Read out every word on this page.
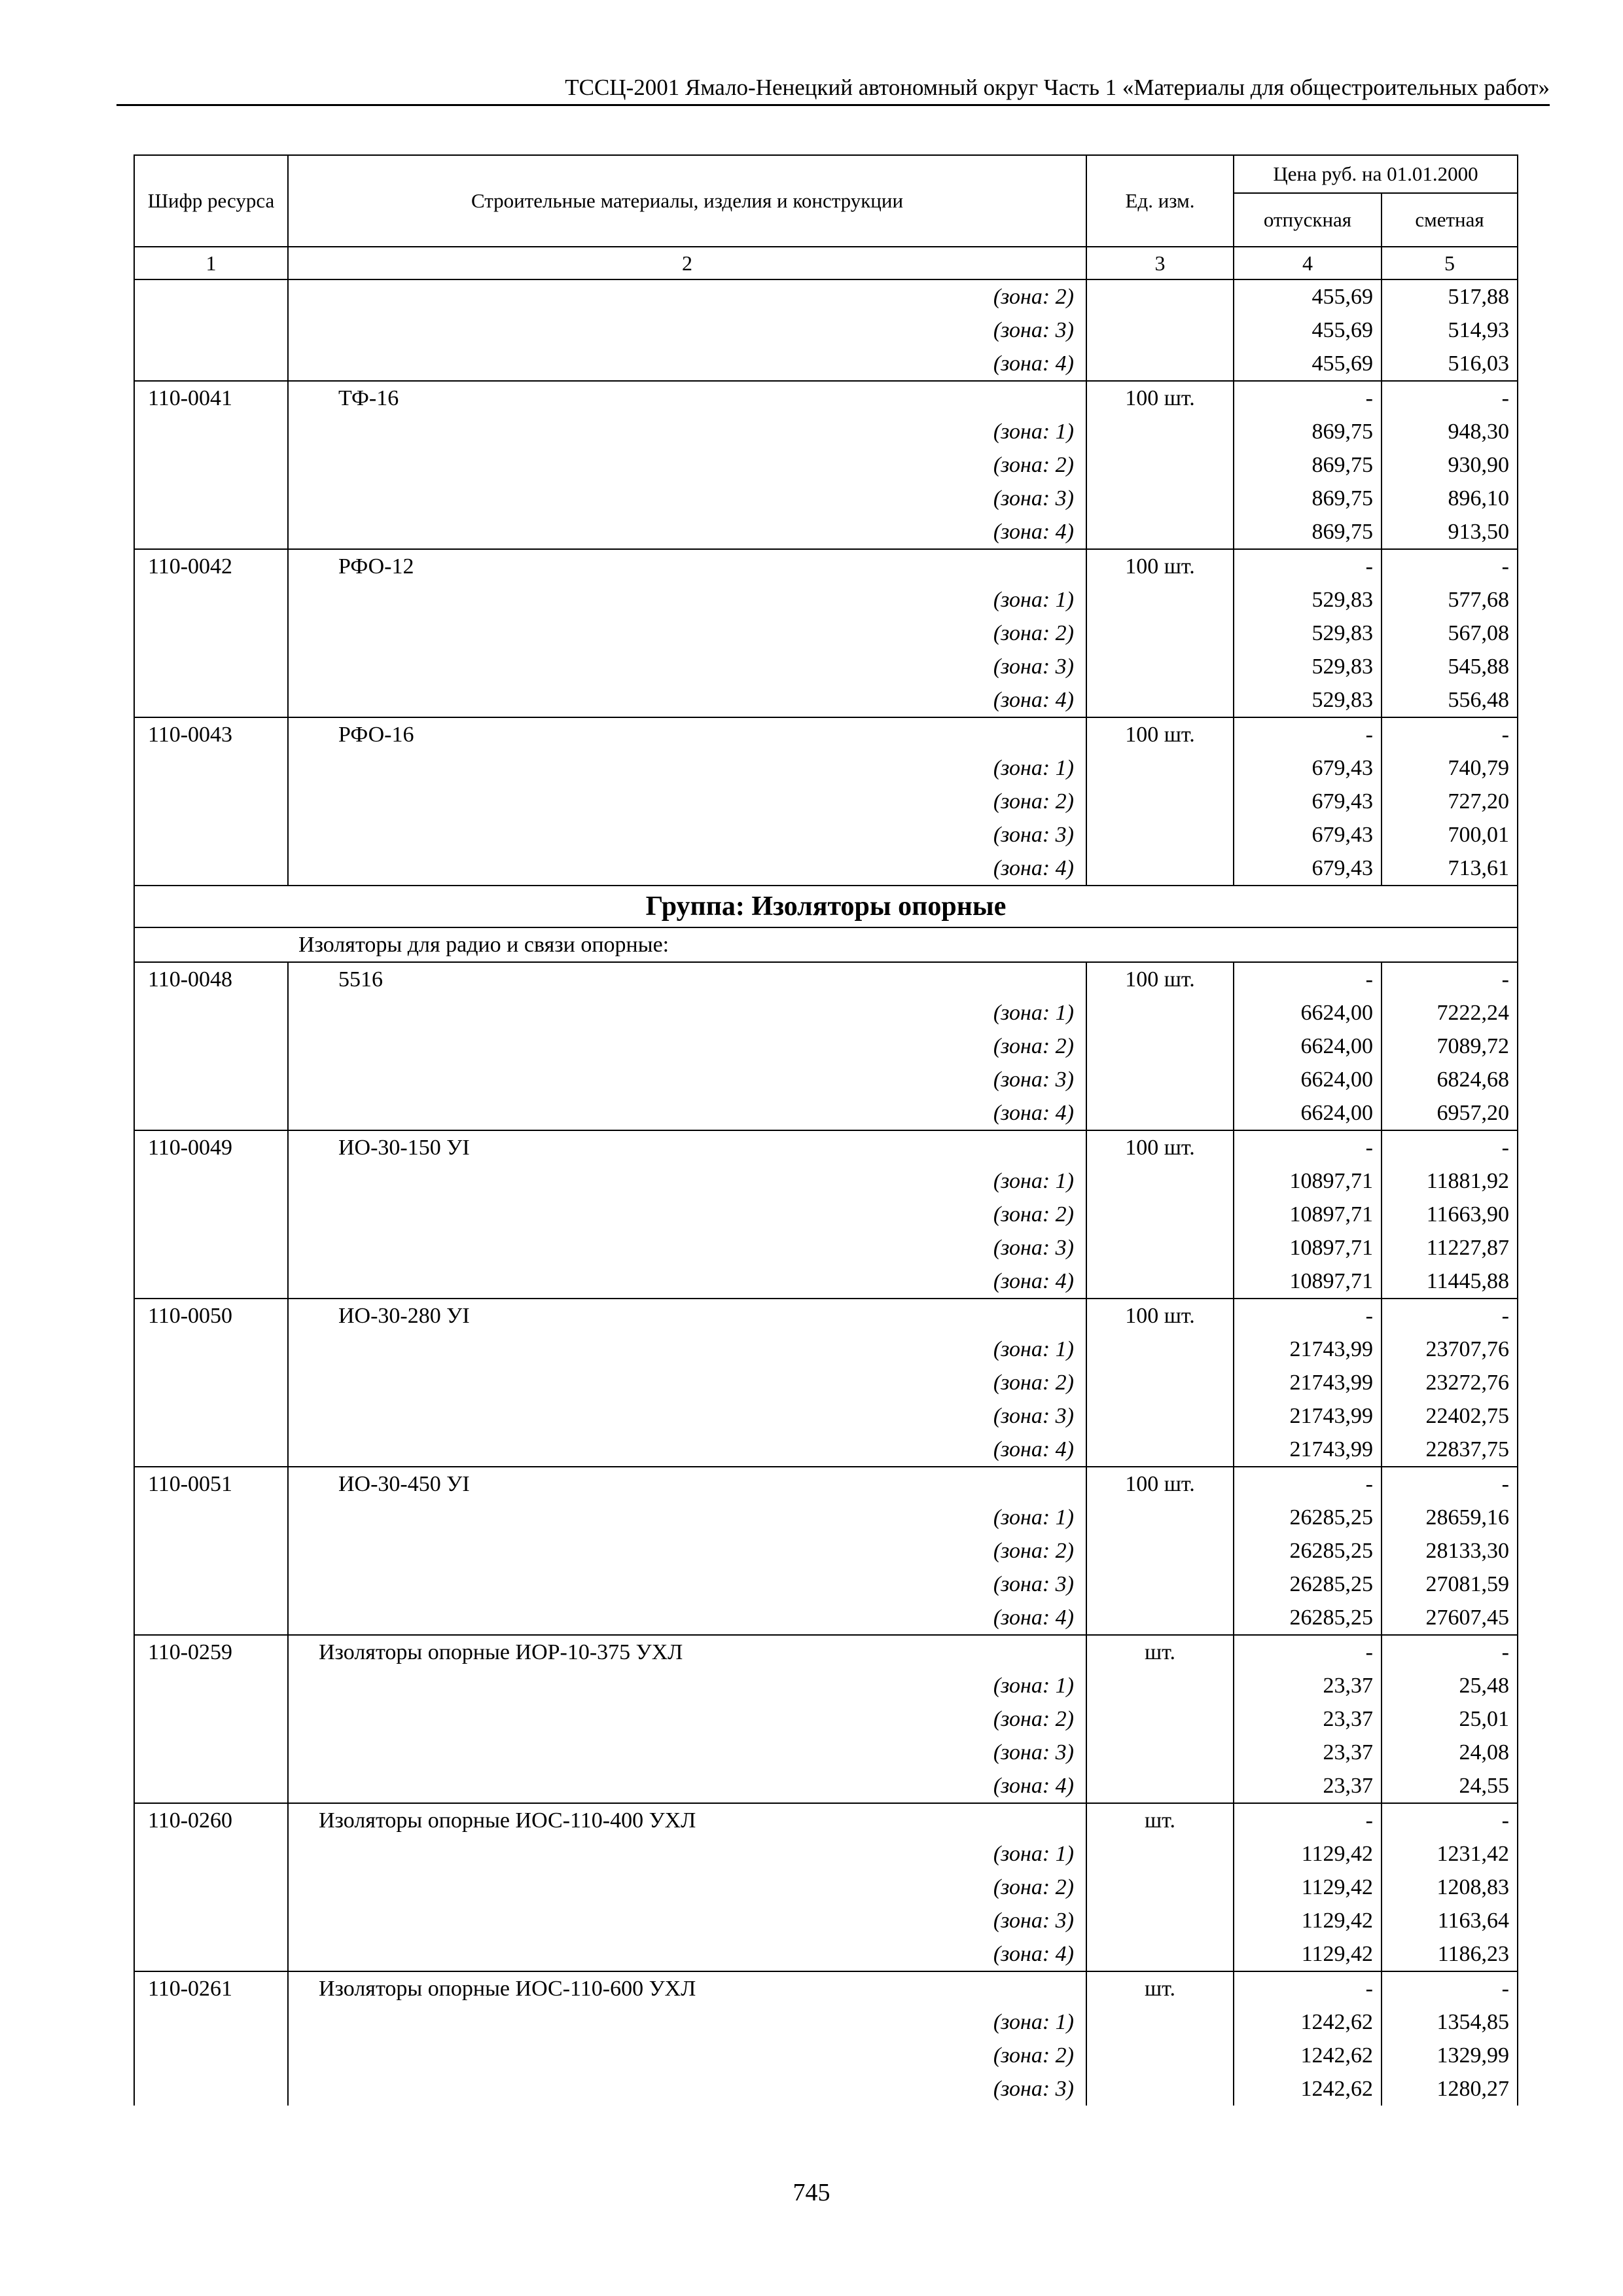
ТССЦ-2001 Ямало-Ненецкий автономный округ Часть 1 «Материалы для общестроительных работ»
Шифр ресурса	Строительные материалы, изделия и конструкции	Ед. изм.	Цена руб. на 01.01.2000	
			отпускная	сметная
1	2	3	4	5
	(зона: 2)		455,69	517,88
	(зона: 3)		455,69	514,93
	(зона: 4)		455,69	516,03
110-0041	ТФ-16	100 шт.	-	-
	(зона: 1)		869,75	948,30
	(зона: 2)		869,75	930,90
	(зона: 3)		869,75	896,10
	(зона: 4)		869,75	913,50
110-0042	РФО-12	100 шт.	-	-
	(зона: 1)		529,83	577,68
	(зона: 2)		529,83	567,08
	(зона: 3)		529,83	545,88
	(зона: 4)		529,83	556,48
110-0043	РФО-16	100 шт.	-	-
	(зона: 1)		679,43	740,79
	(зона: 2)		679,43	727,20
	(зона: 3)		679,43	700,01
	(зона: 4)		679,43	713,61
Группа: Изоляторы опорные				
Изоляторы для радио и связи опорные:				
110-0048	5516	100 шт.	-	-
	(зона: 1)		6624,00	7222,24
	(зона: 2)		6624,00	7089,72
	(зона: 3)		6624,00	6824,68
	(зона: 4)		6624,00	6957,20
110-0049	ИО-30-150 УI	100 шт.	-	-
	(зона: 1)		10897,71	11881,92
	(зона: 2)		10897,71	11663,90
	(зона: 3)		10897,71	11227,87
	(зона: 4)		10897,71	11445,88
110-0050	ИО-30-280 УI	100 шт.	-	-
	(зона: 1)		21743,99	23707,76
	(зона: 2)		21743,99	23272,76
	(зона: 3)		21743,99	22402,75
	(зона: 4)		21743,99	22837,75
110-0051	ИО-30-450 УI	100 шт.	-	-
	(зона: 1)		26285,25	28659,16
	(зона: 2)		26285,25	28133,30
	(зона: 3)		26285,25	27081,59
	(зона: 4)		26285,25	27607,45
110-0259	Изоляторы опорные ИОР-10-375 УХЛ	шт.	-	-
	(зона: 1)		23,37	25,48
	(зона: 2)		23,37	25,01
	(зона: 3)		23,37	24,08
	(зона: 4)		23,37	24,55
110-0260	Изоляторы опорные ИОС-110-400 УХЛ	шт.	-	-
	(зона: 1)		1129,42	1231,42
	(зона: 2)		1129,42	1208,83
	(зона: 3)		1129,42	1163,64
	(зона: 4)		1129,42	1186,23
110-0261	Изоляторы опорные ИОС-110-600 УХЛ	шт.	-	-
	(зона: 1)		1242,62	1354,85
	(зона: 2)		1242,62	1329,99
	(зона: 3)		1242,62	1280,27
745
